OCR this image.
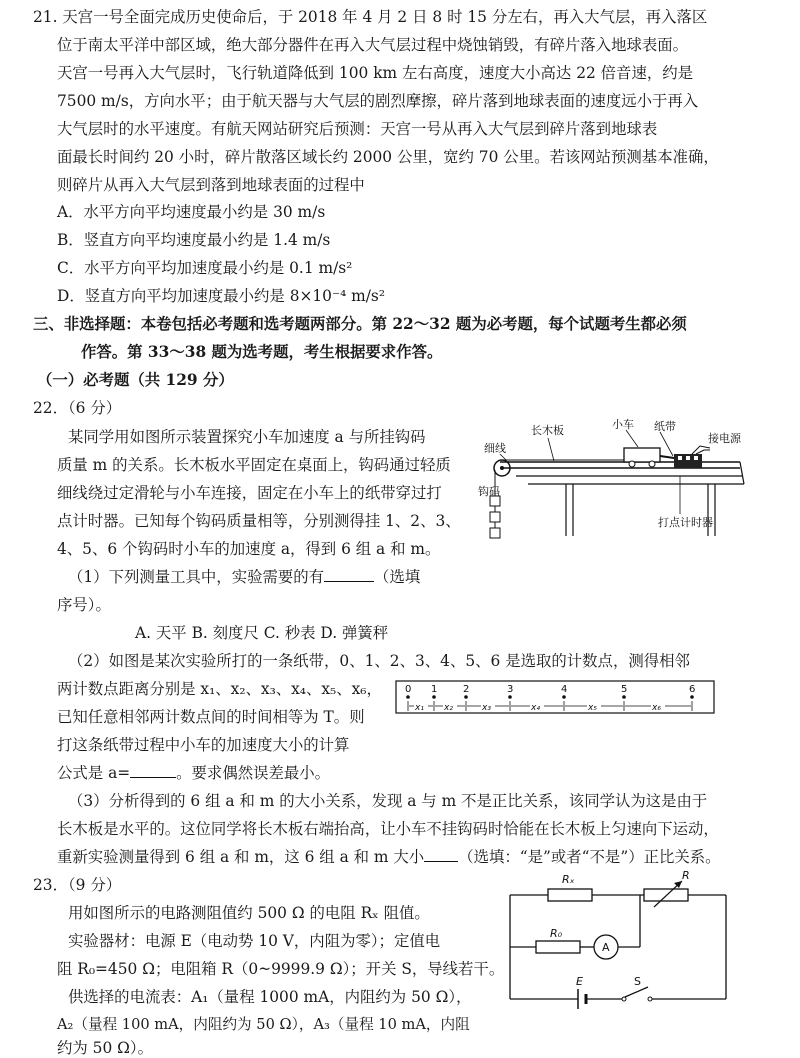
21. 天宫一号全面完成历史使命后，于 2018 年 4 月 2 日 8 时 15 分左右，再入大气层，再入落区
位于南太平洋中部区域，绝大部分器件在再入大气层过程中烧蚀销毁，有碎片落入地球表面。
天宫一号再入大气层时，飞行轨道降低到 100 km 左右高度，速度大小高达 22 倍音速，约是
7500 m/s，方向水平；由于航天器与大气层的剧烈摩擦，碎片落到地球表面的速度远小于再入
大气层时的水平速度。有航天网站研究后预测：天宫一号从再入大气层到碎片落到地球表
面最长时间约 20 小时，碎片散落区域长约 2000 公里，宽约 70 公里。若该网站预测基本准确，
则碎片从再入大气层到落到地球表面的过程中
A．水平方向平均速度最小约是 30 m/s
B．竖直方向平均速度最小约是 1.4 m/s
C．水平方向平均加速度最小约是 0.1 m/s²
D．竖直方向平均加速度最小约是 8×10⁻⁴ m/s²
三、非选择题：本卷包括必考题和选考题两部分。第 22～32 题为必考题，每个试题考生都必须
作答。第 33～38 题为选考题，考生根据要求作答。
（一）必考题（共 129 分）
22．（6 分）
某同学用如图所示装置探究小车加速度 a 与所挂钩码
质量 m 的关系。长木板水平固定在桌面上，钩码通过轻质
细线绕过定滑轮与小车连接，固定在小车上的纸带穿过打
点计时器。已知每个钩码质量相等，分别测得挂 1、2、3、
4、5、6 个钩码时小车的加速度 a，得到 6 组 a 和 m。
（1）下列测量工具中，实验需要的有	（选填
序号）。
A. 天平 B. 刻度尺 C. 秒表 D. 弹簧秤
（2）如图是某次实验所打的一条纸带，0、1、2、3、4、5、6 是选取的计数点，测得相邻
两计数点距离分别是 x₁、x₂、x₃、x₄、x₅、x₆，
已知任意相邻两计数点间的时间相等为 T。则
打这条纸带过程中小车的加速度大小的计算
公式是 a=	。要求偶然误差最小。
（3）分析得到的 6 组 a 和 m 的大小关系，发现 a 与 m 不是正比关系，该同学认为这是由于
长木板是水平的。这位同学将长木板右端抬高，让小车不挂钩码时恰能在长木板上匀速向下运动，
重新实验测量得到 6 组 a 和 m，这 6 组 a 和 m 大小 （选填：“是”或者“不是”）正比关系。
细线
长木板	小车 纸带
接电源
钩码
打点计时器
0 1	2	3	4	5	6
x₁ x₂	x₃	x₄	x₅	x₆
23．（9 分）
用如图所示的电路测阻值约 500 Ω 的电阻 Rₓ 阻值。
实验器材：电源 E（电动势 10 V，内阻为零）；定值电
阻 R₀=450 Ω；电阻箱 R（0~9999.9 Ω）；开关 S，导线若干。
供选择的电流表：A₁（量程 1000 mA，内阻约为 50 Ω），
A₂（量程 100 mA，内阻约为 50 Ω），A₃（量程 10 mA，内阻
约为 50 Ω）。
Rₓ	R
R₀
A
E	S
